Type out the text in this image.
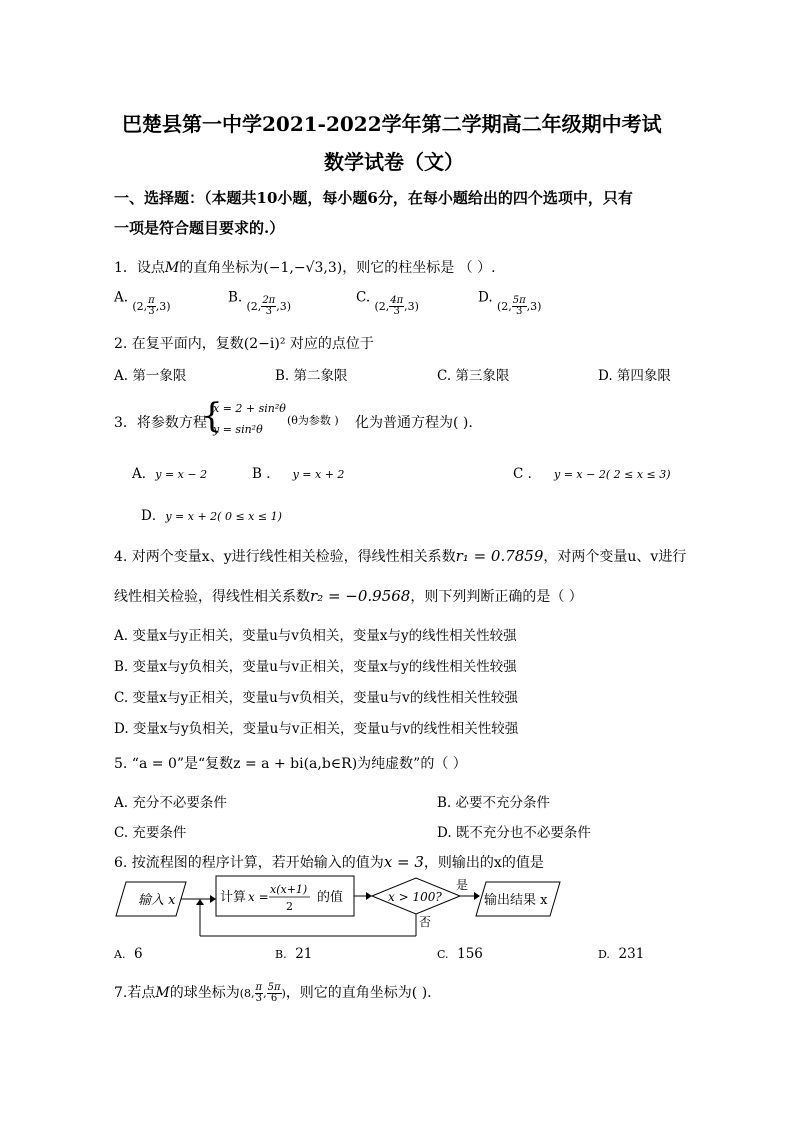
巴楚县第一中学2021-2022学年第二学期高二年级期中考试
数学试卷（文）
一、选择题：（本题共10小题，每小题6分，在每小题给出的四个选项中，只有
一项是符合题目要求的.）
1．设点M的直角坐标为(−1,−√3,3)，则它的柱坐标是 （ ）.
A. $_{(2, \frac{\pi}{3} ,3)}$
B. $_{(2, \frac{2\pi}{3} ,3)}$
C. $_{(2, \frac{4\pi}{3} ,3)}$
D. $_{(2, \frac{5\pi}{3} ,3)}$
2. 在复平面内，复数(2−i)² 对应的点位于
A. 第一象限	B. 第二象限	C. 第三象限	D. 第四象限
3．将参数方程
{
x = 2 + sin²θ
y = sin²θ
(θ为参数 ) 化为普通方程为( ).
A．y = x − 2	B ． y = x + 2	C ． y = x − 2( 2 ≤ x ≤ 3)
D．y = x + 2( 0 ≤ x ≤ 1)
4. 对两个变量x、y进行线性相关检验，得线性相关系数r₁ = 0.7859，对两个变量u、v进行
线性相关检验，得线性相关系数r₂ = −0.9568，则下列判断正确的是（ ）
A. 变量x与y正相关，变量u与v负相关，变量x与y的线性相关性较强
B. 变量x与y负相关，变量u与v正相关，变量x与y的线性相关性较强
C. 变量x与y正相关，变量u与v负相关，变量u与v的线性相关性较强
D. 变量x与y负相关，变量u与v正相关，变量u与v的线性相关性较强
5. “a = 0”是“复数z = a + bi(a,b∈R)为纯虚数”的（ ）
A. 充分不必要条件	B. 必要不充分条件
C. 充要条件	D. 既不充分也不必要条件
6. 按流程图的程序计算，若开始输入的值为x = 3，则输出的x的值是
输入 x	计算 x =
x(x+1)
2
的值	x > 100?
是
输出结果 x
否
A. 6	B. 21	C. 156	D. 231
7.若点M的球坐标为(8, $\frac{\pi}{3}$ , $\frac{5\pi}{6}$ )，则它的直角坐标为( ).
